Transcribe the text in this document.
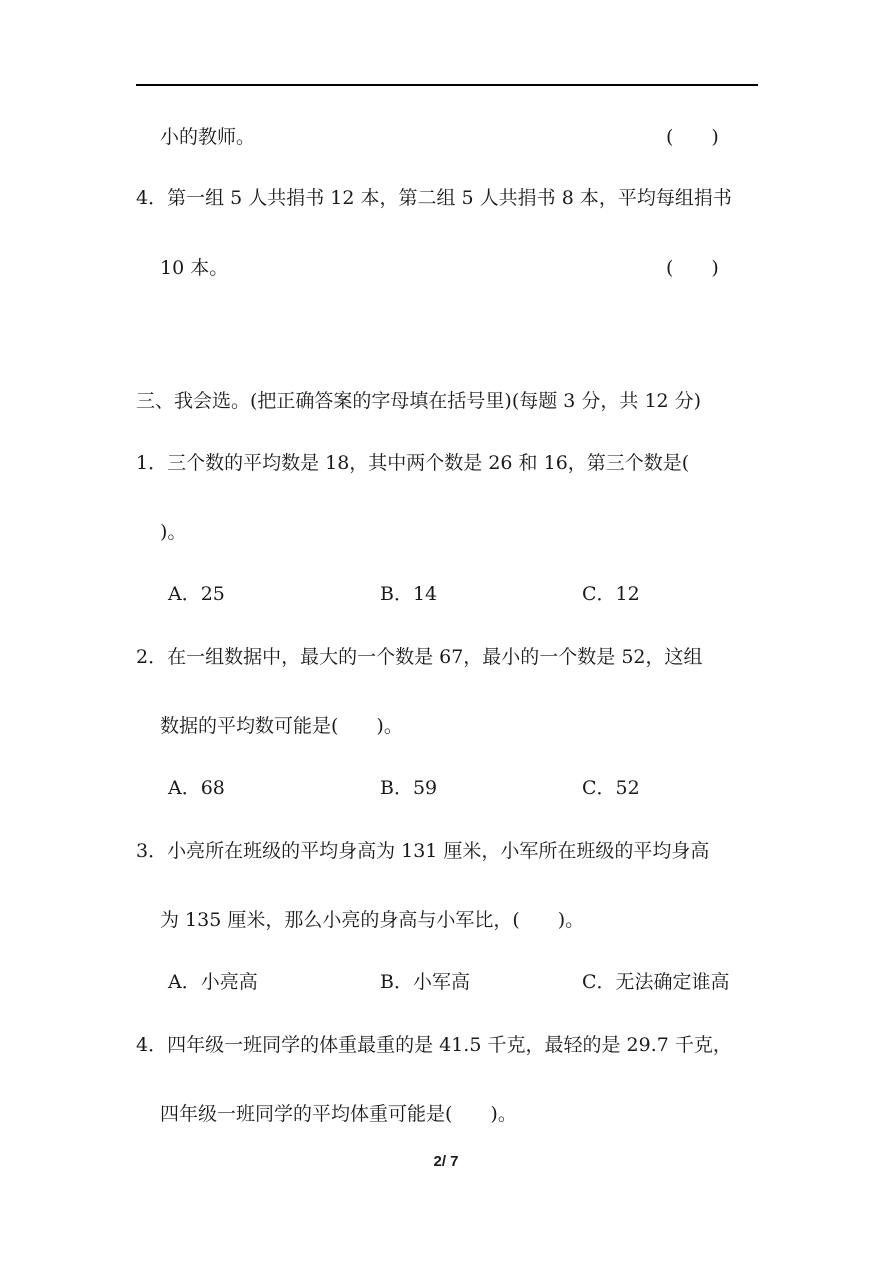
小的教师。	(　　)
4．第一组 5 人共捐书 12 本，第二组 5 人共捐书 8 本，平均每组捐书
10 本。	(　　)
三、我会选。(把正确答案的字母填在括号里)(每题 3 分，共 12 分)
1．三个数的平均数是 18，其中两个数是 26 和 16，第三个数是(
)。
A．25	B．14	C．12
2．在一组数据中，最大的一个数是 67，最小的一个数是 52，这组
数据的平均数可能是(　　)。
A．68	B．59	C．52
3．小亮所在班级的平均身高为 131 厘米，小军所在班级的平均身高
为 135 厘米，那么小亮的身高与小军比，(　　)。
A．小亮高	B．小军高	C．无法确定谁高
4．四年级一班同学的体重最重的是 41.5 千克，最轻的是 29.7 千克，
四年级一班同学的平均体重可能是(　　)。
2/ 7
